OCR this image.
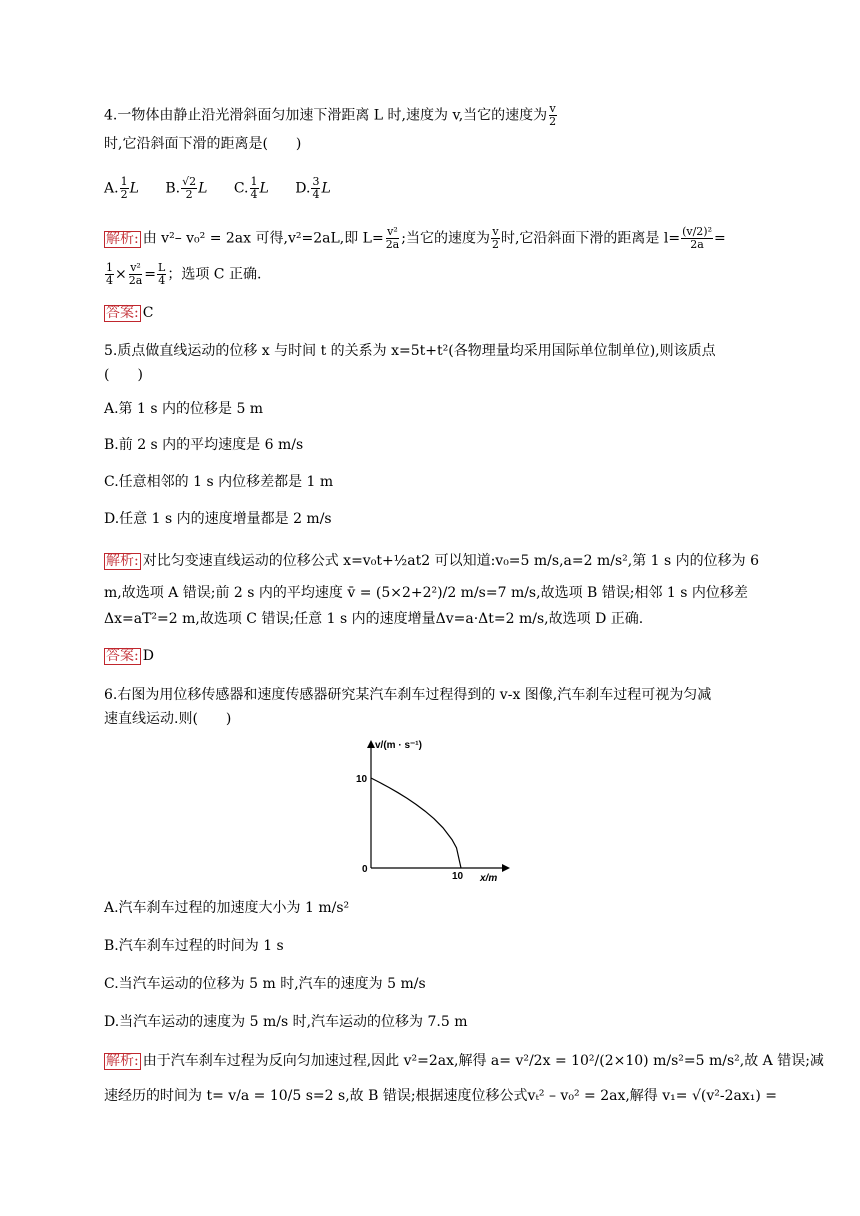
4.一物体由静止沿光滑斜面匀加速下滑距离 L 时,速度为 v,当它的速度为 $\frac{v}{2}$
时,它沿斜面下滑的距离是(　　)
A. $\frac{1}{2}$ L B. $\frac{√2}{2}$ L C. $\frac{1}{4}$ L D. $\frac{3}{4}$ L
解析: 由 v²– v₀² = 2ax 可得,v²=2aL,即 $L= \frac{\text{v²}}{2a}$ ;当它的速度为 $\frac{v}{2}$ 时,它沿斜面下滑的距离是 $l= \frac{\text{(v/2)²}}{2a}$ =
$\frac{1}{4} \times \frac{\text{v²}}{2a} = \frac{L}{4}$ ；选项 C 正确.
答案: C
5.质点做直线运动的位移 x 与时间 t 的关系为 x=5t+t²(各物理量均采用国际单位制单位),则该质点
(　　)
A.第 1 s 内的位移是 5 m
B.前 2 s 内的平均速度是 6 m/s
C.任意相邻的 1 s 内位移差都是 1 m
D.任意 1 s 内的速度增量都是 2 m/s
解析: 对比匀变速直线运动的位移公式 x=v₀t+½at2 可以知道:v₀=5 m/s,a=2 m/s²,第 1 s 内的位移为 6
m,故选项 A 错误;前 2 s 内的平均速度 v̄ = (5×2+2²)/2 m/s=7 m/s,故选项 B 错误;相邻 1 s 内位移差
Δx=aT²=2 m,故选项 C 错误;任意 1 s 内的速度增量Δv=a·Δt=2 m/s,故选项 D 正确.
答案: D
6.右图为用位移传感器和速度传感器研究某汽车刹车过程得到的 v-x 图像,汽车刹车过程可视为匀减
速直线运动.则(　　)
v/(m · s⁻¹)
x/m
0
10
10
A.汽车刹车过程的加速度大小为 1 m/s²
B.汽车刹车过程的时间为 1 s
C.当汽车运动的位移为 5 m 时,汽车的速度为 5 m/s
D.当汽车运动的速度为 5 m/s 时,汽车运动的位移为 7.5 m
解析: 由于汽车刹车过程为反向匀加速过程,因此 v²=2ax,解得 a= v²/2x = 10²/(2×10) m/s²=5 m/s²,故 A 错误;减
速经历的时间为 t= v/a = 10/5 s=2 s,故 B 错误;根据速度位移公式vₜ² – v₀² = 2ax,解得 v₁= √(v²-2ax₁) =
